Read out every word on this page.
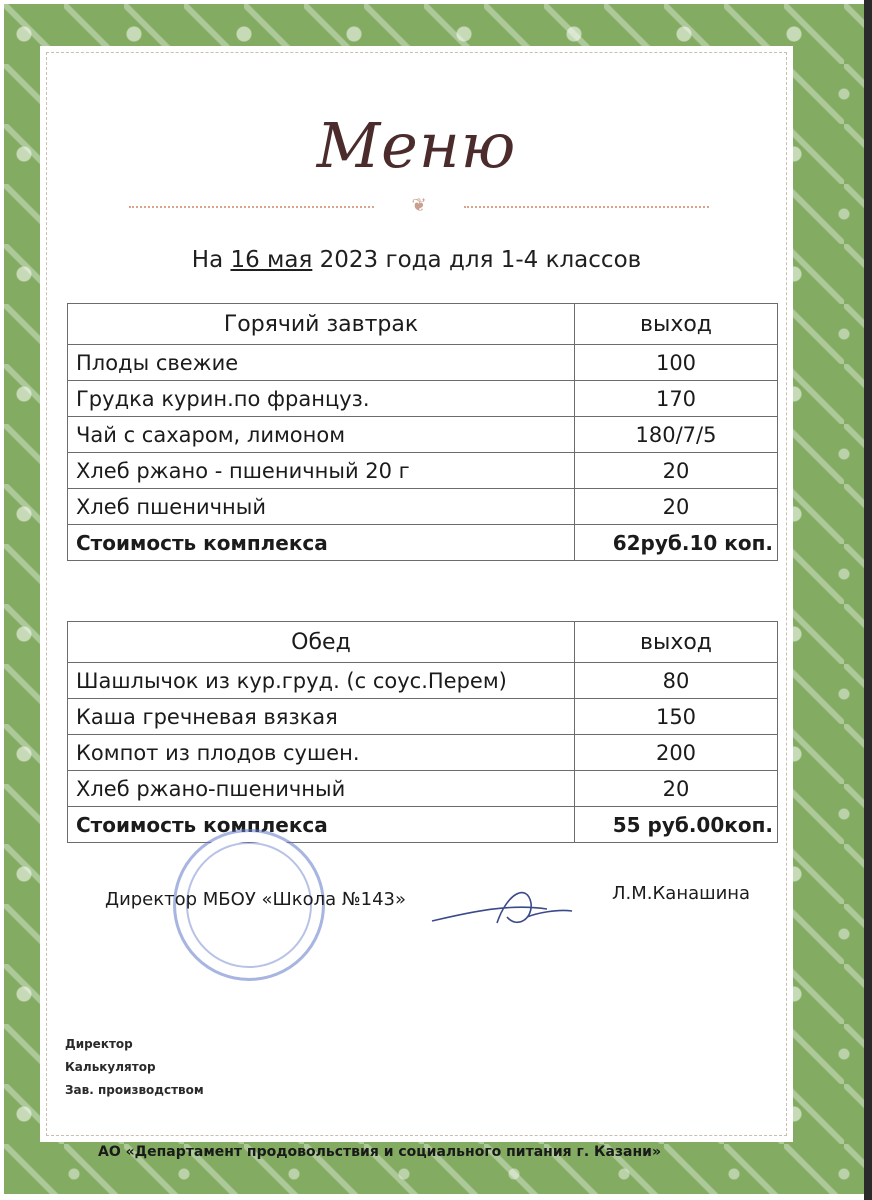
Меню
❦
На 16 мая 2023 года для 1-4 классов
Горячий завтрак	выход
Плоды свежие	100
Грудка курин.по француз.	170
Чай с сахаром, лимоном	180/7/5
Хлеб ржано - пшеничный 20 г	20
Хлеб пшеничный	20
Стоимость комплекса	62руб.10 коп.
Обед	выход
Шашлычок из кур.груд. (с соус.Перем)	80
Каша гречневая вязкая	150
Компот из плодов сушен.	200
Хлеб ржано-пшеничный	20
Стоимость комплекса	55 руб.00коп.
Директор МБОУ «Школа №143»	Л.М.Канашина
Директор
Калькулятор
Зав. производством
АО «Департамент продовольствия и социального питания г. Казани»
